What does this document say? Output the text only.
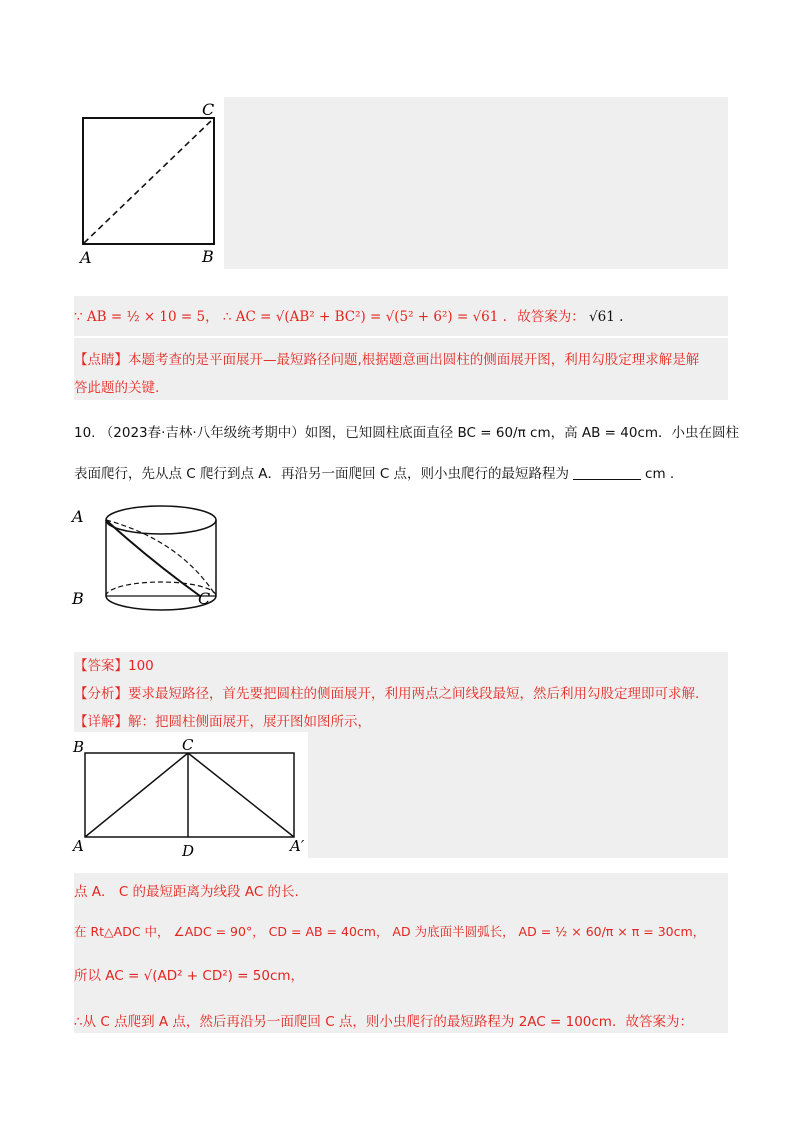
C
A	B
∵ AB = ½ × 10 = 5， ∴ AC = √(AB² + BC²) = √(5² + 6²) = √61 . 故答案为： √61 .
【点睛】本题考查的是平面展开—最短路径问题,根据题意画出圆柱的侧面展开图，利用勾股定理求解是解
答此题的关键.
10. （2023春·吉林·八年级统考期中）如图，已知圆柱底面直径 BC = 60/π cm，高 AB = 40cm．小虫在圆柱
表面爬行，先从点 C 爬行到点 A．再沿另一面爬回 C 点，则小虫爬行的最短路程为	cm .
A
B	C
【答案】100
【分析】要求最短路径，首先要把圆柱的侧面展开，利用两点之间线段最短，然后利用勾股定理即可求解.
【详解】解：把圆柱侧面展开，展开图如图所示，
B	C
A	D	A′
点 A． C 的最短距离为线段 AC 的长.
在 Rt△ADC 中， ∠ADC = 90°， CD = AB = 40cm， AD 为底面半圆弧长， AD = ½ × 60/π × π = 30cm，
所以 AC = √(AD² + CD²) = 50cm，
∴从 C 点爬到 A 点，然后再沿另一面爬回 C 点，则小虫爬行的最短路程为 2AC = 100cm．故答案为：
